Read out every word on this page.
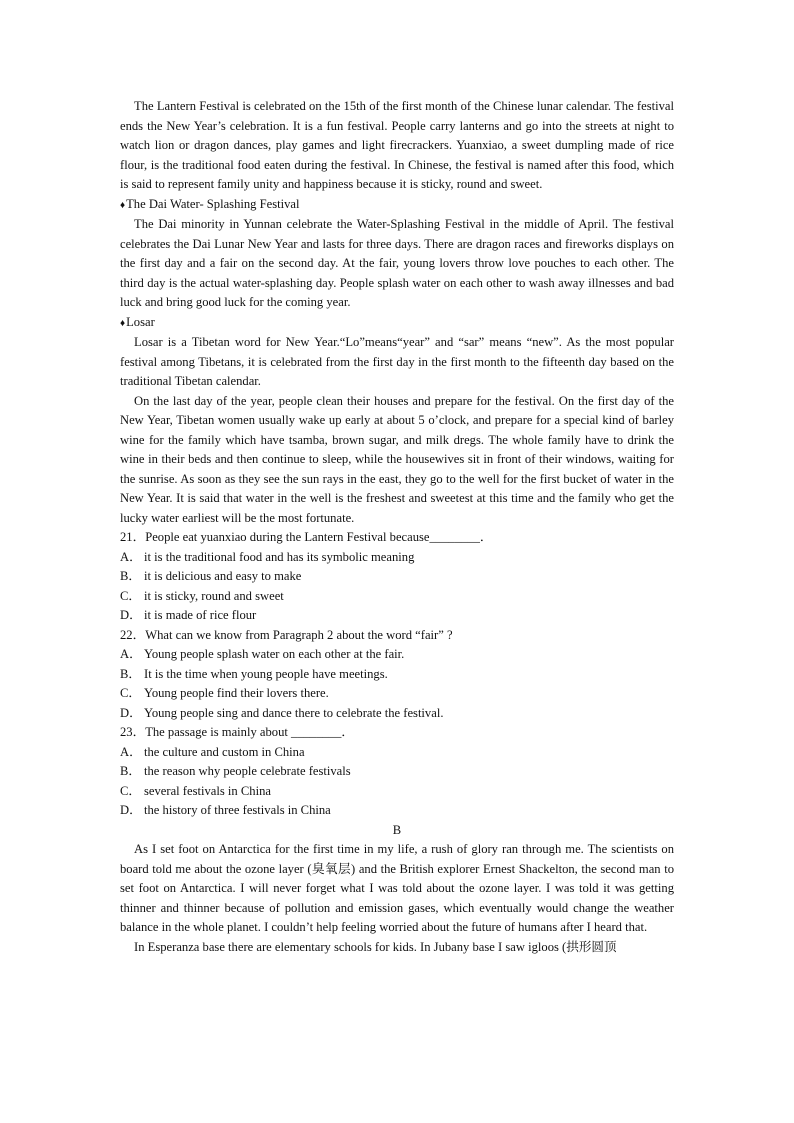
The Lantern Festival is celebrated on the 15th of the first month of the Chinese lunar calendar. The festival ends the New Year’s celebration. It is a fun festival. People carry lanterns and go into the streets at night to watch lion or dragon dances, play games and light firecrackers. Yuanxiao, a sweet dumpling made of rice flour, is the traditional food eaten during the festival. In Chinese, the festival is named after this food, which is said to represent family unity and happiness because it is sticky, round and sweet.

♦The Dai Water- Splashing Festival

The Dai minority in Yunnan celebrate the Water-Splashing Festival in the middle of April. The festival celebrates the Dai Lunar New Year and lasts for three days. There are dragon races and fireworks displays on the first day and a fair on the second day. At the fair, young lovers throw love pouches to each other. The third day is the actual water-splashing day. People splash water on each other to wash away illnesses and bad luck and bring good luck for the coming year.

♦Losar

Losar is a Tibetan word for New Year.“Lo”means“year” and “sar” means “new”. As the most popular festival among Tibetans, it is celebrated from the first day in the first month to the fifteenth day based on the traditional Tibetan calendar.

On the last day of the year, people clean their houses and prepare for the festival. On the first day of the New Year, Tibetan women usually wake up early at about 5 o’clock, and prepare for a special kind of barley wine for the family which have tsamba, brown sugar, and milk dregs. The whole family have to drink the wine in their beds and then continue to sleep, while the housewives sit in front of their windows, waiting for the sunrise. As soon as they see the sun rays in the east, they go to the well for the first bucket of water in the New Year. It is said that water in the well is the freshest and sweetest at this time and the family who get the lucky water earliest will be the most fortunate.

21．People eat yuanxiao during the Lantern Festival because________．

A． it is the traditional food and has its symbolic meaning

B． it is delicious and easy to make

C． it is sticky, round and sweet

D． it is made of rice flour

22．What can we know from Paragraph 2 about the word “fair” ?

A． Young people splash water on each other at the fair.

B． It is the time when young people have meetings.

C． Young people find their lovers there.

D． Young people sing and dance there to celebrate the festival.

23．The passage is mainly about ________．

A． the culture and custom in China

B． the reason why people celebrate festivals

C． several festivals in China

D． the history of three festivals in China

B

As I set foot on Antarctica for the first time in my life, a rush of glory ran through me. The scientists on board told me about the ozone layer (臭氧层) and the British explorer Ernest Shackelton, the second man to set foot on Antarctica. I will never forget what I was told about the ozone layer. I was told it was getting thinner and thinner because of pollution and emission gases, which eventually would change the weather balance in the whole planet. I couldn’t help feeling worried about the future of humans after I heard that.

In Esperanza base there are elementary schools for kids. In Jubany base I saw igloos (拱形圆顶
